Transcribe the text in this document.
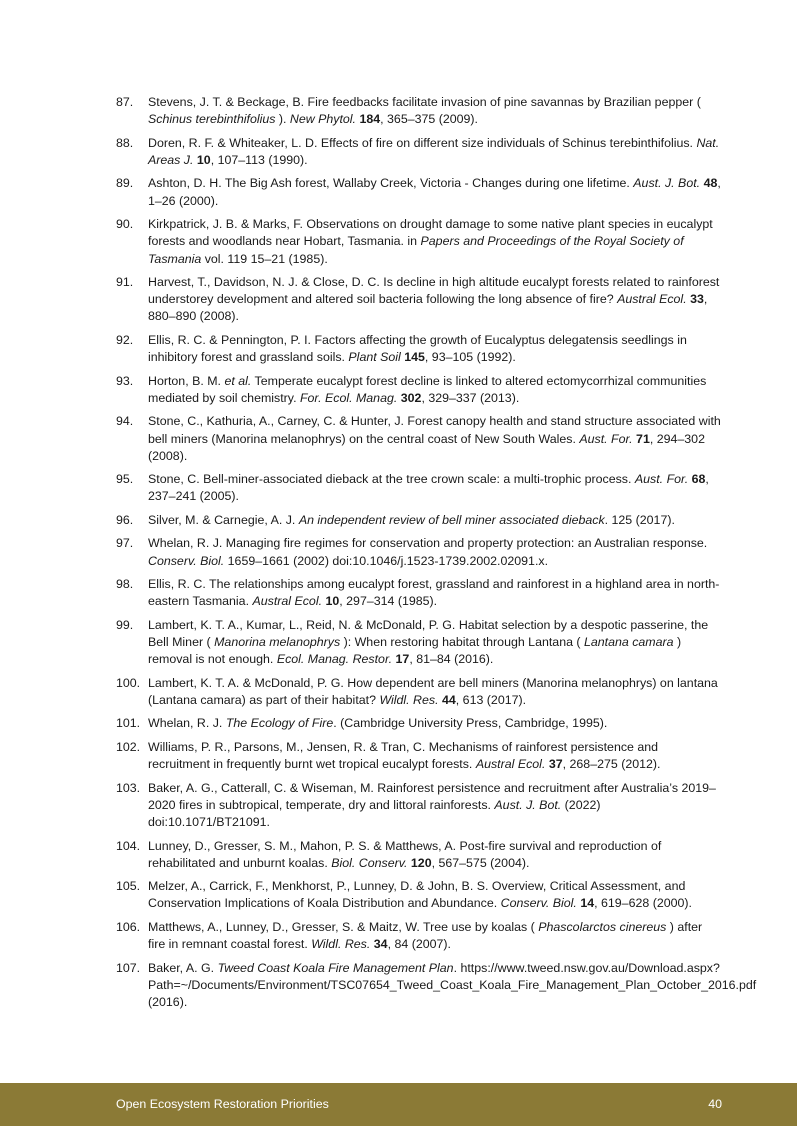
87. Stevens, J. T. & Beckage, B. Fire feedbacks facilitate invasion of pine savannas by Brazilian pepper ( Schinus terebinthifolius ). New Phytol. 184, 365–375 (2009).
88. Doren, R. F. & Whiteaker, L. D. Effects of fire on different size individuals of Schinus terebinthifolius. Nat. Areas J. 10, 107–113 (1990).
89. Ashton, D. H. The Big Ash forest, Wallaby Creek, Victoria - Changes during one lifetime. Aust. J. Bot. 48, 1–26 (2000).
90. Kirkpatrick, J. B. & Marks, F. Observations on drought damage to some native plant species in eucalypt forests and woodlands near Hobart, Tasmania. in Papers and Proceedings of the Royal Society of Tasmania vol. 119 15–21 (1985).
91. Harvest, T., Davidson, N. J. & Close, D. C. Is decline in high altitude eucalypt forests related to rainforest understorey development and altered soil bacteria following the long absence of fire? Austral Ecol. 33, 880–890 (2008).
92. Ellis, R. C. & Pennington, P. I. Factors affecting the growth of Eucalyptus delegatensis seedlings in inhibitory forest and grassland soils. Plant Soil 145, 93–105 (1992).
93. Horton, B. M. et al. Temperate eucalypt forest decline is linked to altered ectomycorrhizal communities mediated by soil chemistry. For. Ecol. Manag. 302, 329–337 (2013).
94. Stone, C., Kathuria, A., Carney, C. & Hunter, J. Forest canopy health and stand structure associated with bell miners (Manorina melanophrys) on the central coast of New South Wales. Aust. For. 71, 294–302 (2008).
95. Stone, C. Bell-miner-associated dieback at the tree crown scale: a multi-trophic process. Aust. For. 68, 237–241 (2005).
96. Silver, M. & Carnegie, A. J. An independent review of bell miner associated dieback. 125 (2017).
97. Whelan, R. J. Managing fire regimes for conservation and property protection: an Australian response. Conserv. Biol. 1659–1661 (2002) doi:10.1046/j.1523-1739.2002.02091.x.
98. Ellis, R. C. The relationships among eucalypt forest, grassland and rainforest in a highland area in north-eastern Tasmania. Austral Ecol. 10, 297–314 (1985).
99. Lambert, K. T. A., Kumar, L., Reid, N. & McDonald, P. G. Habitat selection by a despotic passerine, the Bell Miner ( Manorina melanophrys ): When restoring habitat through Lantana ( Lantana camara ) removal is not enough. Ecol. Manag. Restor. 17, 81–84 (2016).
100. Lambert, K. T. A. & McDonald, P. G. How dependent are bell miners (Manorina melanophrys) on lantana (Lantana camara) as part of their habitat? Wildl. Res. 44, 613 (2017).
101. Whelan, R. J. The Ecology of Fire. (Cambridge University Press, Cambridge, 1995).
102. Williams, P. R., Parsons, M., Jensen, R. & Tran, C. Mechanisms of rainforest persistence and recruitment in frequently burnt wet tropical eucalypt forests. Austral Ecol. 37, 268–275 (2012).
103. Baker, A. G., Catterall, C. & Wiseman, M. Rainforest persistence and recruitment after Australia’s 2019–2020 fires in subtropical, temperate, dry and littoral rainforests. Aust. J. Bot. (2022) doi:10.1071/BT21091.
104. Lunney, D., Gresser, S. M., Mahon, P. S. & Matthews, A. Post-fire survival and reproduction of rehabilitated and unburnt koalas. Biol. Conserv. 120, 567–575 (2004).
105. Melzer, A., Carrick, F., Menkhorst, P., Lunney, D. & John, B. S. Overview, Critical Assessment, and Conservation Implications of Koala Distribution and Abundance. Conserv. Biol. 14, 619–628 (2000).
106. Matthews, A., Lunney, D., Gresser, S. & Maitz, W. Tree use by koalas ( Phascolarctos cinereus ) after fire in remnant coastal forest. Wildl. Res. 34, 84 (2007).
107. Baker, A. G. Tweed Coast Koala Fire Management Plan. https://www.tweed.nsw.gov.au/Download.aspx?Path=~/Documents/Environment/TSC07654_Tweed_Coast_Koala_Fire_Management_Plan_October_2016.pdf (2016).
Open Ecosystem Restoration Priorities	40
